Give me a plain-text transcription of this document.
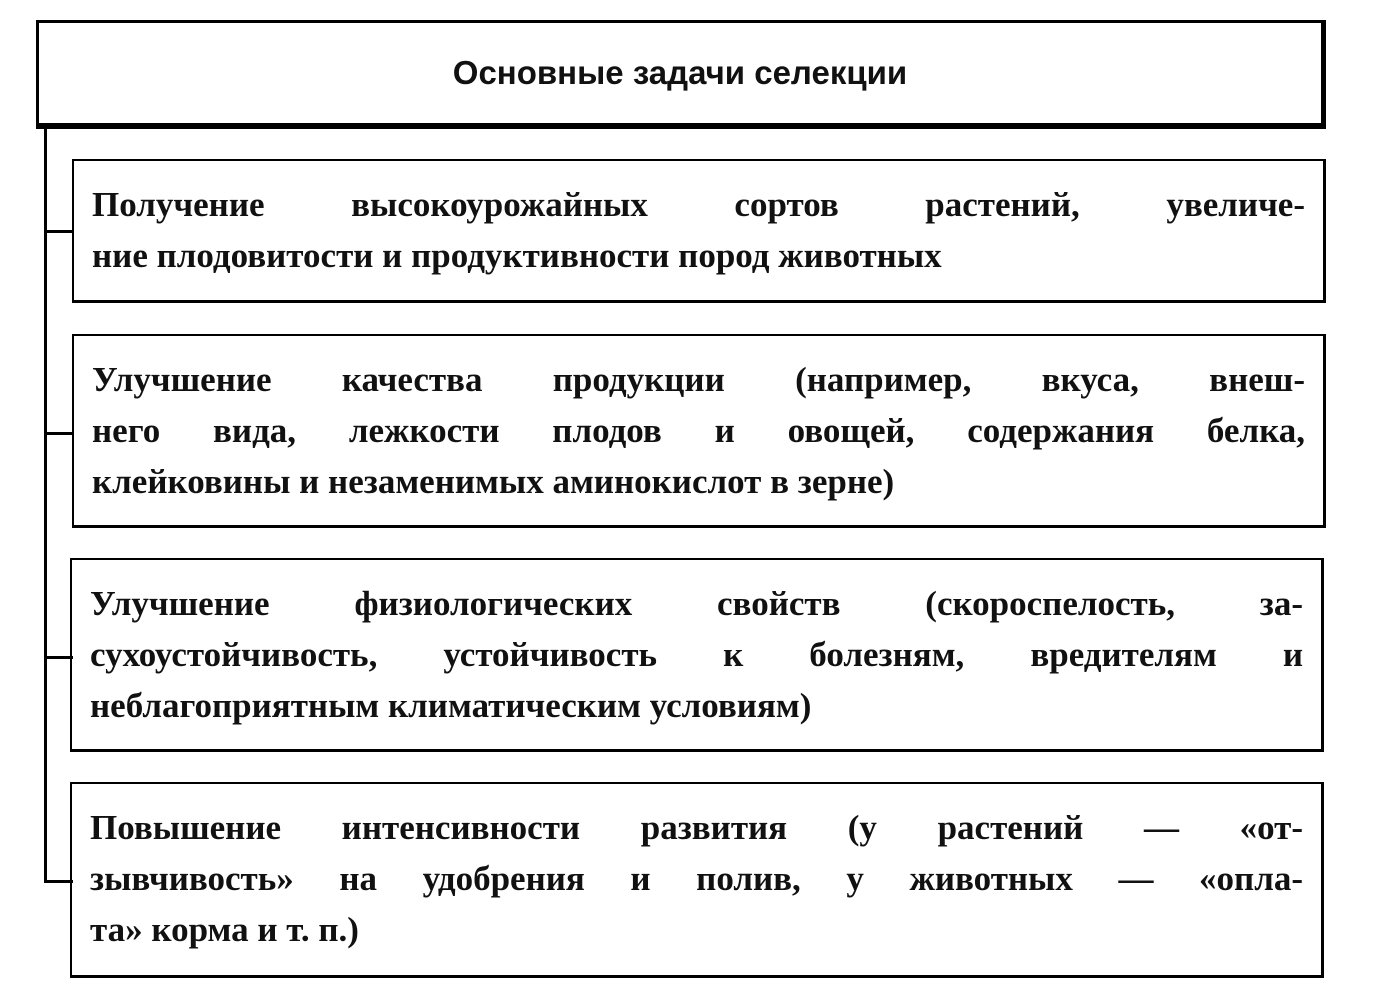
Основные задачи селекции

Получение высокоурожайных сортов растений, увеличе-
ние плодовитости и продуктивности пород животных

Улучшение качества продукции (например, вкуса, внеш-
него вида, лежкости плодов и овощей, содержания белка,
клейковины и незаменимых аминокислот в зерне)

Улучшение физиологических свойств (скороспелость, за-
сухоустойчивость, устойчивость к болезням, вредителям и
неблагоприятным климатическим условиям)

Повышение интенсивности развития (у растений — «от-
зывчивость» на удобрения и полив, у животных — «опла-
та» корма и т. п.)
